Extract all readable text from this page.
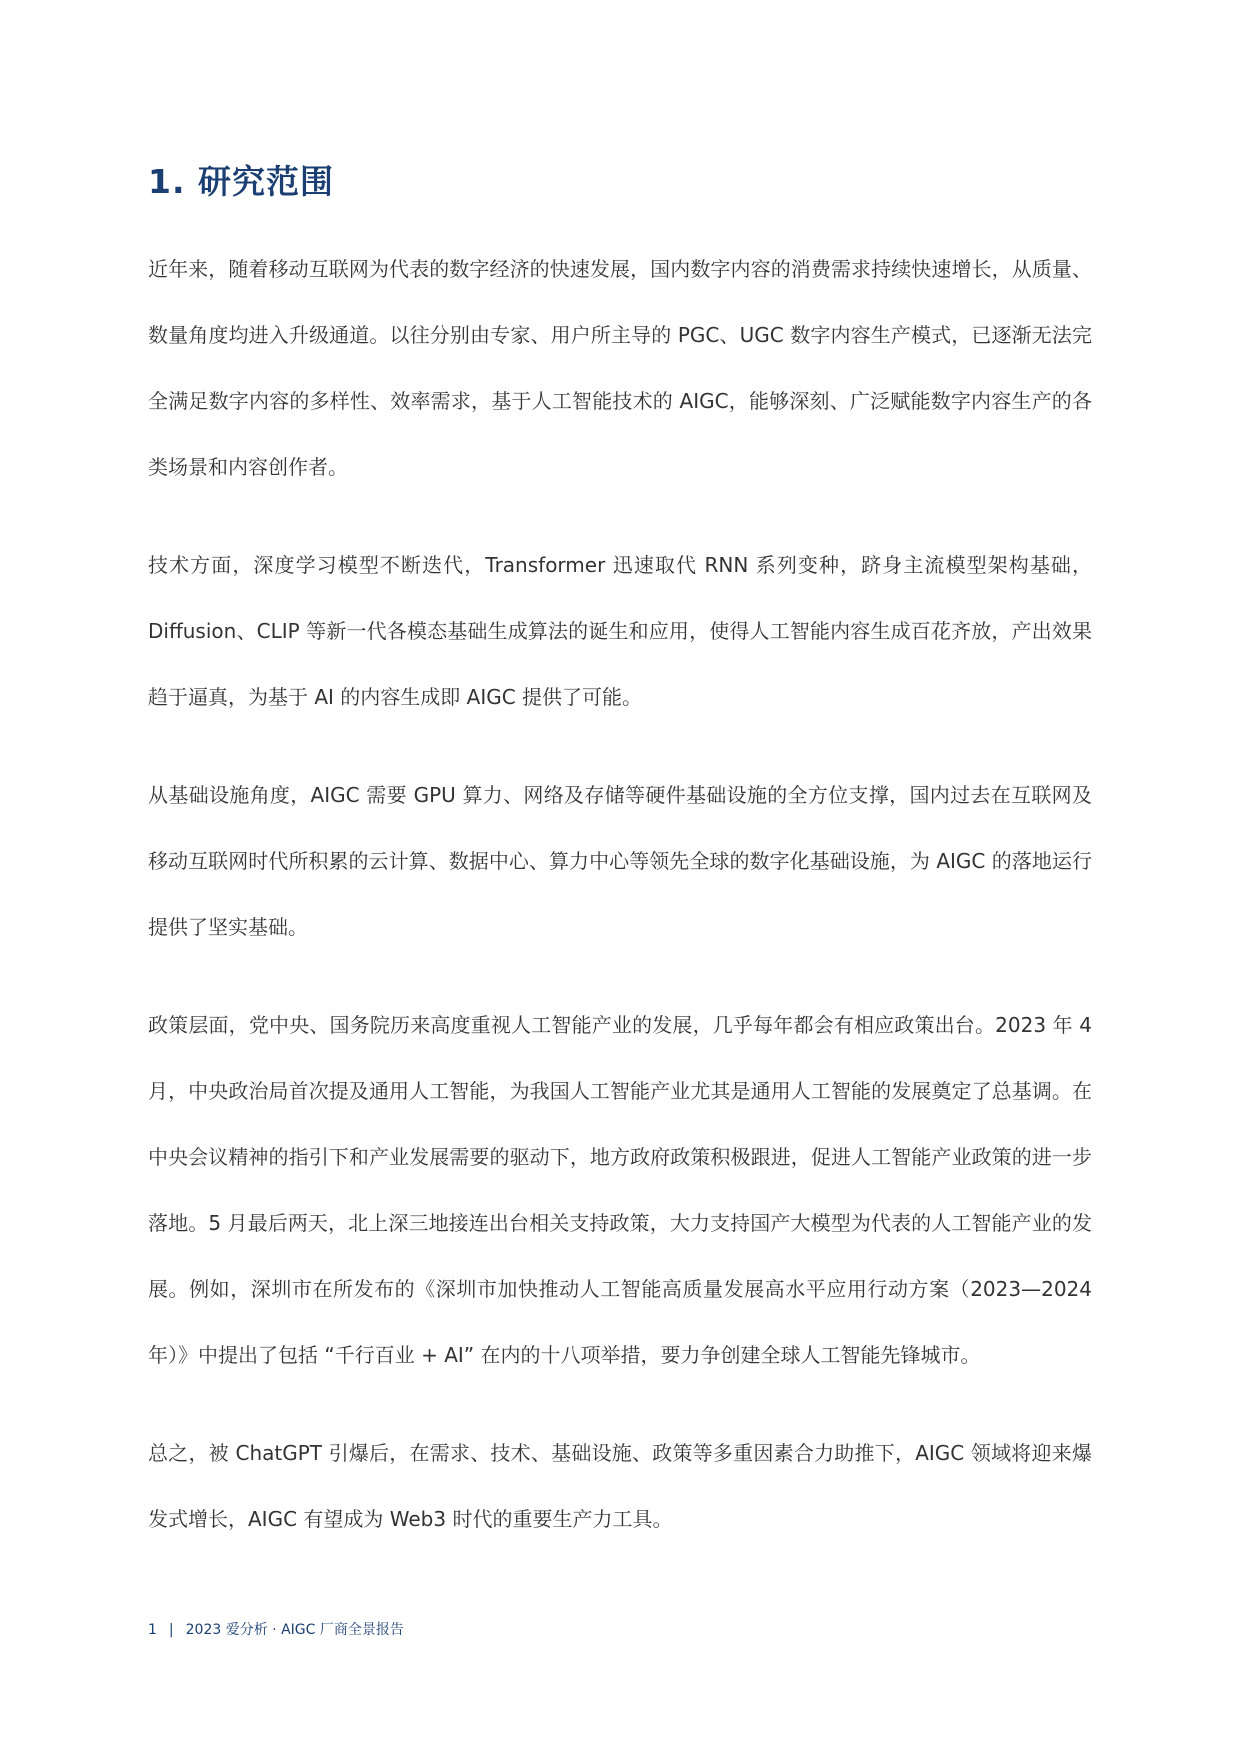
1. 研究范围

近年来，随着移动互联网为代表的数字经济的快速发展，国内数字内容的消费需求持续快速增长，从质量、数量角度均进入升级通道。以往分别由专家、用户所主导的 PGC、UGC 数字内容生产模式，已逐渐无法完全满足数字内容的多样性、效率需求，基于人工智能技术的 AIGC，能够深刻、广泛赋能数字内容生产的各类场景和内容创作者。

技术方面，深度学习模型不断迭代，Transformer 迅速取代 RNN 系列变种，跻身主流模型架构基础，Diffusion、CLIP 等新一代各模态基础生成算法的诞生和应用，使得人工智能内容生成百花齐放，产出效果趋于逼真，为基于 AI 的内容生成即 AIGC 提供了可能。

从基础设施角度，AIGC 需要 GPU 算力、网络及存储等硬件基础设施的全方位支撑，国内过去在互联网及移动互联网时代所积累的云计算、数据中心、算力中心等领先全球的数字化基础设施，为 AIGC 的落地运行提供了坚实基础。

政策层面，党中央、国务院历来高度重视人工智能产业的发展，几乎每年都会有相应政策出台。2023 年 4 月，中央政治局首次提及通用人工智能，为我国人工智能产业尤其是通用人工智能的发展奠定了总基调。在中央会议精神的指引下和产业发展需要的驱动下，地方政府政策积极跟进，促进人工智能产业政策的进一步落地。5 月最后两天，北上深三地接连出台相关支持政策，大力支持国产大模型为代表的人工智能产业的发展。例如，深圳市在所发布的《深圳市加快推动人工智能高质量发展高水平应用行动方案（2023—2024 年）》中提出了包括 “千行百业 + AI” 在内的十八项举措，要力争创建全球人工智能先锋城市。

总之，被 ChatGPT 引爆后，在需求、技术、基础设施、政策等多重因素合力助推下，AIGC 领域将迎来爆发式增长，AIGC 有望成为 Web3 时代的重要生产力工具。

1 | 2023 爱分析 · AIGC 厂商全景报告
